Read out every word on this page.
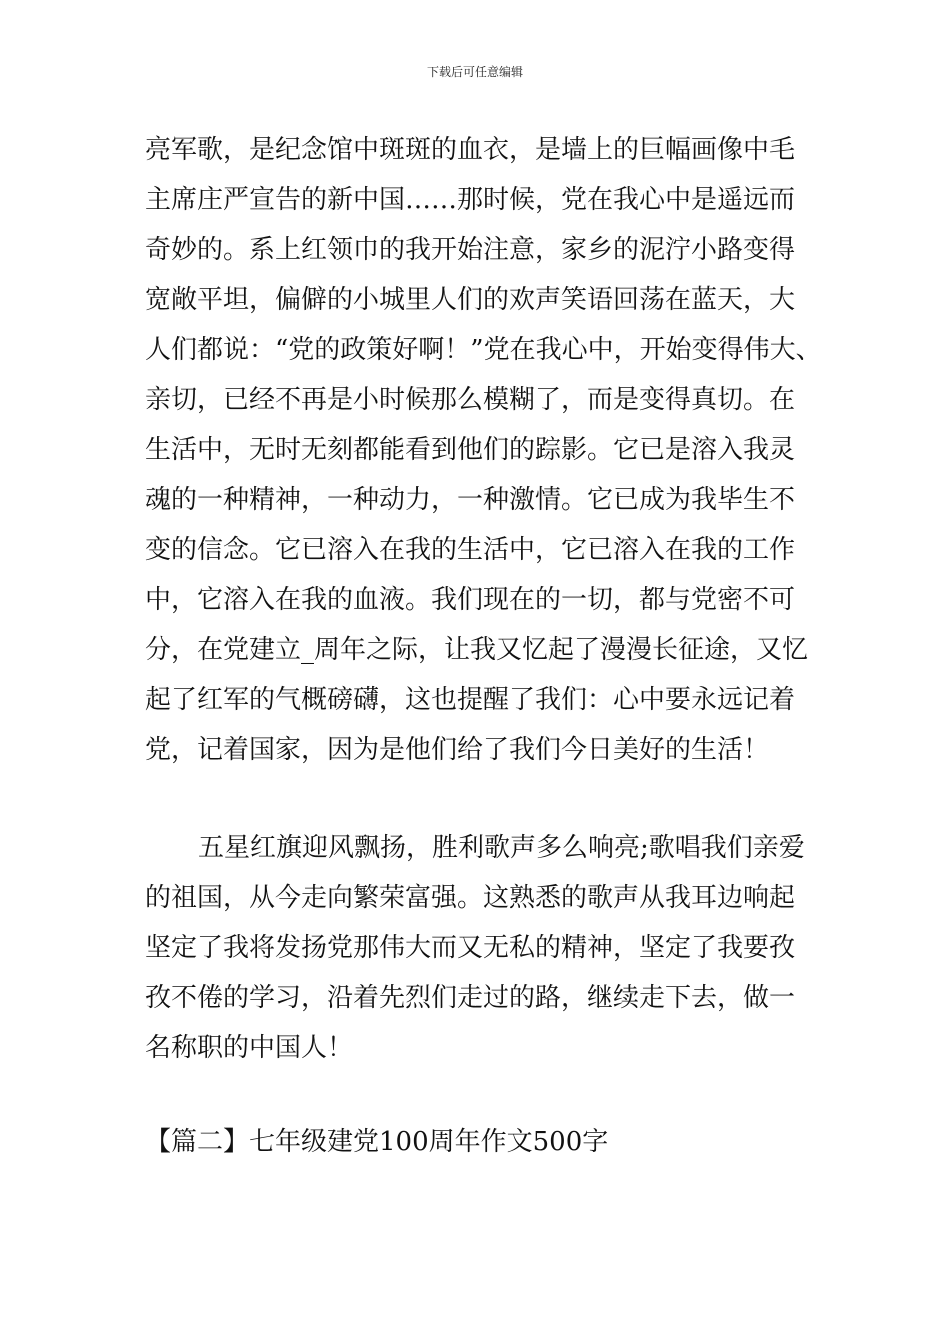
下载后可任意编辑
亮军歌，是纪念馆中斑斑的血衣，是墙上的巨幅画像中毛
主席庄严宣告的新中国……那时候，党在我心中是遥远而
奇妙的。系上红领巾的我开始注意，家乡的泥泞小路变得
宽敞平坦，偏僻的小城里人们的欢声笑语回荡在蓝天，大
人们都说：“党的政策好啊！”党在我心中，开始变得伟大、
亲切，已经不再是小时候那么模糊了，而是变得真切。在
生活中，无时无刻都能看到他们的踪影。它已是溶入我灵
魂的一种精神，一种动力，一种激情。它已成为我毕生不
变的信念。它已溶入在我的生活中，它已溶入在我的工作
中，它溶入在我的血液。我们现在的一切，都与党密不可
分，在党建立_周年之际，让我又忆起了漫漫长征途，又忆
起了红军的气概磅礴，这也提醒了我们：心中要永远记着
党，记着国家，因为是他们给了我们今日美好的生活！
五星红旗迎风飘扬，胜利歌声多么响亮;歌唱我们亲爱
的祖国，从今走向繁荣富强。这熟悉的歌声从我耳边响起
坚定了我将发扬党那伟大而又无私的精神，坚定了我要孜
孜不倦的学习，沿着先烈们走过的路，继续走下去，做一
名称职的中国人！
【篇二】七年级建党100周年作文500字
